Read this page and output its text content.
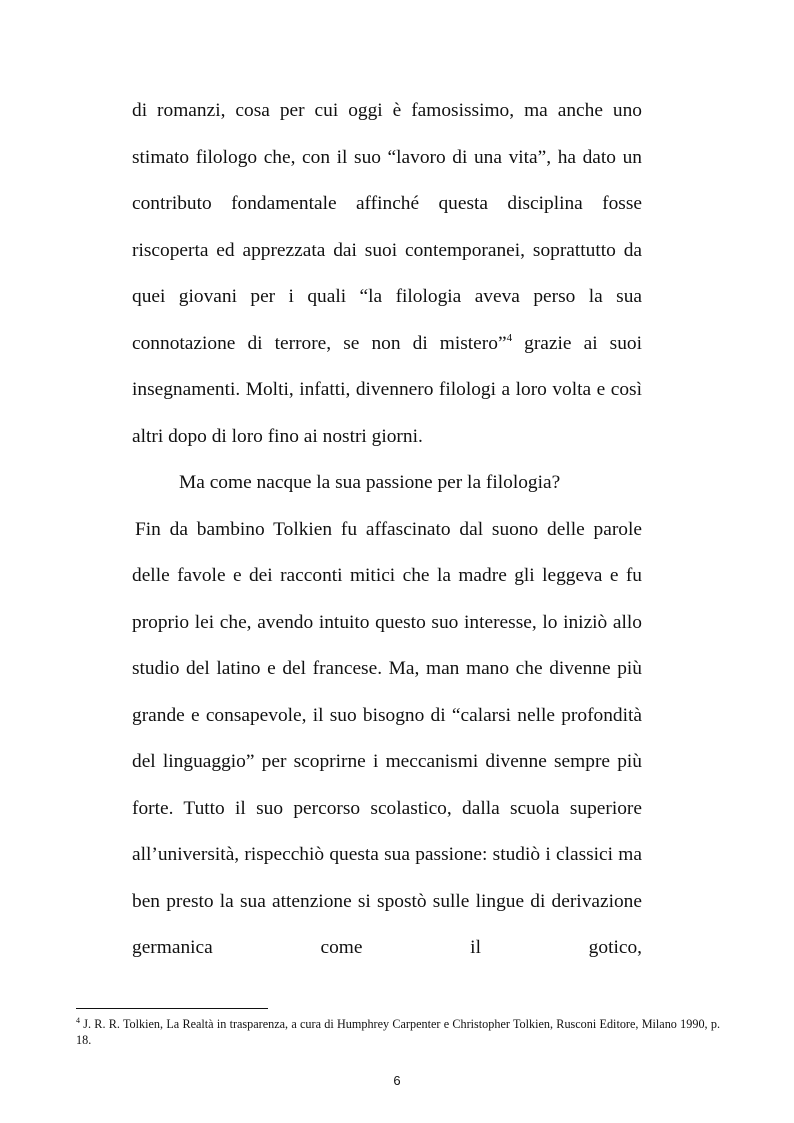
di romanzi, cosa per cui oggi è famosissimo, ma anche uno stimato filologo che, con il suo “lavoro di una vita”, ha dato un contributo fondamentale affinché questa disciplina fosse riscoperta ed apprezzata dai suoi contemporanei, soprattutto da quei giovani per i quali “la filologia aveva perso la sua connotazione di terrore, se non di mistero”$^4$ grazie ai suoi insegnamenti. Molti, infatti, divennero filologi a loro volta e così altri dopo di loro fino ai nostri giorni.

Ma come nacque la sua passione per la filologia?

Fin da bambino Tolkien fu affascinato dal suono delle parole delle favole e dei racconti mitici che la madre gli leggeva e fu proprio lei che, avendo intuito questo suo interesse, lo iniziò allo studio del latino e del francese. Ma, man mano che divenne più grande e consapevole, il suo bisogno di “calarsi nelle profondità del linguaggio” per scoprirne i meccanismi divenne sempre più forte. Tutto il suo percorso scolastico, dalla scuola superiore all’università, rispecchiò questa sua passione: studiò i classici ma ben presto la sua attenzione si spostò sulle lingue di derivazione germanica come il gotico,

$^4$ J. R. R. Tolkien, La Realtà in trasparenza, a cura di Humphrey Carpenter e Christopher Tolkien, Rusconi Editore, Milano 1990, p. 18.

6
